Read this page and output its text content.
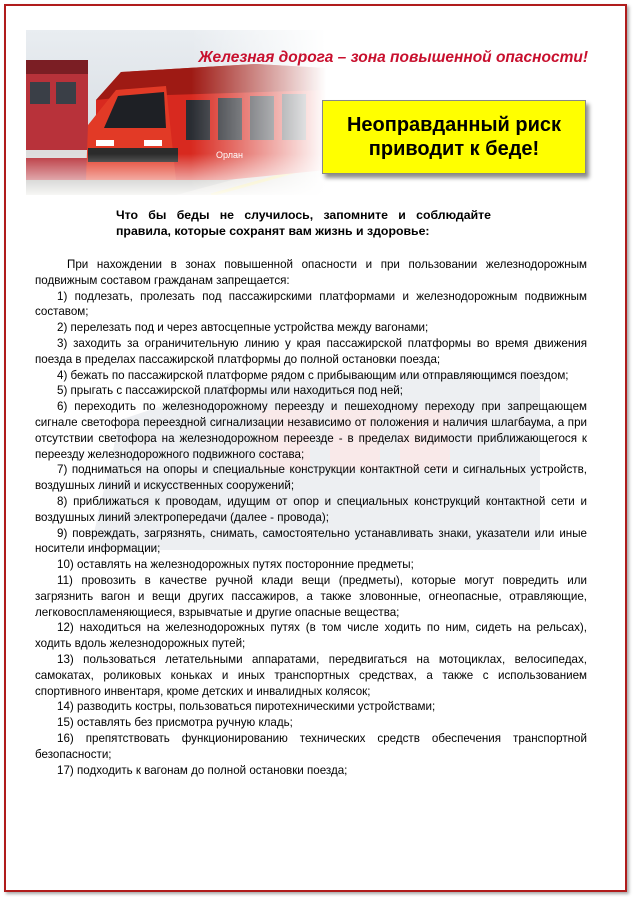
Железная дорога – зона повышенной опасности!
Неоправданный риск приводит к беде!
Что бы беды не случилось, запомните и соблюдайте правила, которые сохранят вам жизнь и здоровье:

При нахождении в зонах повышенной опасности и при пользовании железнодорожным подвижным составом гражданам запрещается:

1) подлезать, пролезать под пассажирскими платформами и железнодорожным подвижным составом;

2) перелезать под и через автосцепные устройства между вагонами;

3) заходить за ограничительную линию у края пассажирской платформы во время движения поезда в пределах пассажирской платформы до полной остановки поезда;

4) бежать по пассажирской платформе рядом с прибывающим или отправляющимся поездом;

5) прыгать с пассажирской платформы или находиться под ней;

6) переходить по железнодорожному переезду и пешеходному переходу при запрещающем сигнале светофора переездной сигнализации независимо от положения и наличия шлагбаума, а при отсутствии светофора на железнодорожном переезде - в пределах видимости приближающегося к переезду железнодорожного подвижного состава;

7) подниматься на опоры и специальные конструкции контактной сети и сигнальных устройств, воздушных линий и искусственных сооружений;

8) приближаться к проводам, идущим от опор и специальных конструкций контактной сети и воздушных линий электропередачи (далее - провода);

9) повреждать, загрязнять, снимать, самостоятельно устанавливать знаки, указатели или иные носители информации;

10) оставлять на железнодорожных путях посторонние предметы;

11) провозить в качестве ручной клади вещи (предметы), которые могут повредить или загрязнить вагон и вещи других пассажиров, а также зловонные, огнеопасные, отравляющие, легковоспламеняющиеся, взрывчатые и другие опасные вещества;

12) находиться на железнодорожных путях (в том числе ходить по ним, сидеть на рельсах), ходить вдоль железнодорожных путей;

13) пользоваться летательными аппаратами, передвигаться на мотоциклах, велосипедах, самокатах, роликовых коньках и иных транспортных средствах, а также с использованием спортивного инвентаря, кроме детских и инвалидных колясок;

14) разводить костры, пользоваться пиротехническими устройствами;

15) оставлять без присмотра ручную кладь;

16) препятствовать функционированию технических средств обеспечения транспортной безопасности;

17) подходить к вагонам до полной остановки поезда;
